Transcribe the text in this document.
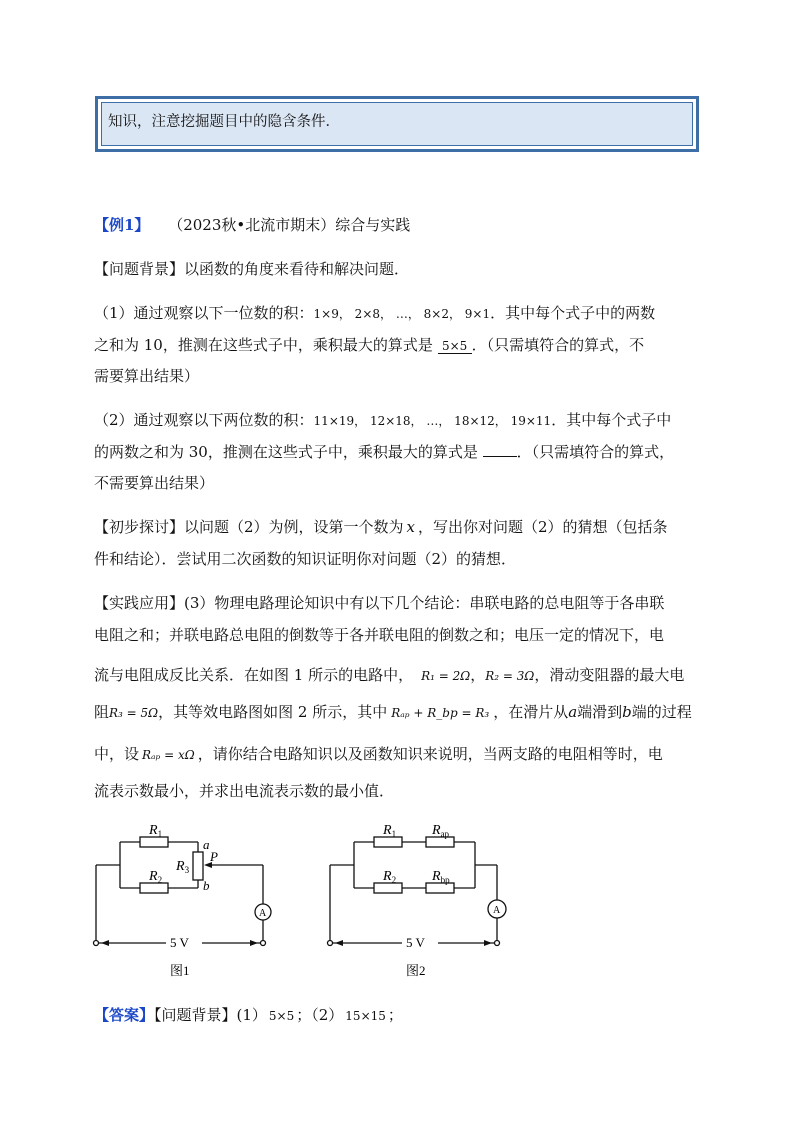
知识，注意挖掘题目中的隐含条件．
【例1】 （2023秋•北流市期末）综合与实践
【问题背景】以函数的角度来看待和解决问题．
（1）通过观察以下一位数的积：1×9， 2×8， …， 8×2， 9×1．其中每个式子中的两数
之和为 10，推测在这些式子中，乘积最大的算式是 5×5 ．（只需填符合的算式，不
需要算出结果）
（2）通过观察以下两位数的积：11×19， 12×18， …， 18×12， 19×11．其中每个式子中
的两数之和为 30，推测在这些式子中，乘积最大的算式是 ．（只需填符合的算式，
不需要算出结果）
【初步探讨】以问题（2）为例，设第一个数为 x ，写出你对问题（2）的猜想（包括条
件和结论）．尝试用二次函数的知识证明你对问题（2）的猜想．
【实践应用】(3）物理电路理论知识中有以下几个结论：串联电路的总电阻等于各串联
电阻之和；并联电路总电阻的倒数等于各并联电阻的倒数之和；电压一定的情况下，电
流与电阻成反比关系．在如图 1 所示的电路中， R₁ = 2Ω，R₂ = 3Ω，滑动变阻器的最大电
阻R₃ = 5Ω，其等效电路图如图 2 所示，其中 Rₐₚ + R_bp = R₃ ，在滑片从a端滑到b端的过程
中，设 Rₐₚ = xΩ ，请你结合电路知识以及函数知识来说明，当两支路的电阻相等时，电
流表示数最小，并求出电流表示数的最小值．
$R_1$
$R_2$
$R_3$
a
b
P
A
5 V
图1
$R_1$	$R_{ap}$
$R_2$	$R_{bp}$
A
5 V
图2
【答案】【问题背景】(1） 5×5 ；（2） 15×15 ；
